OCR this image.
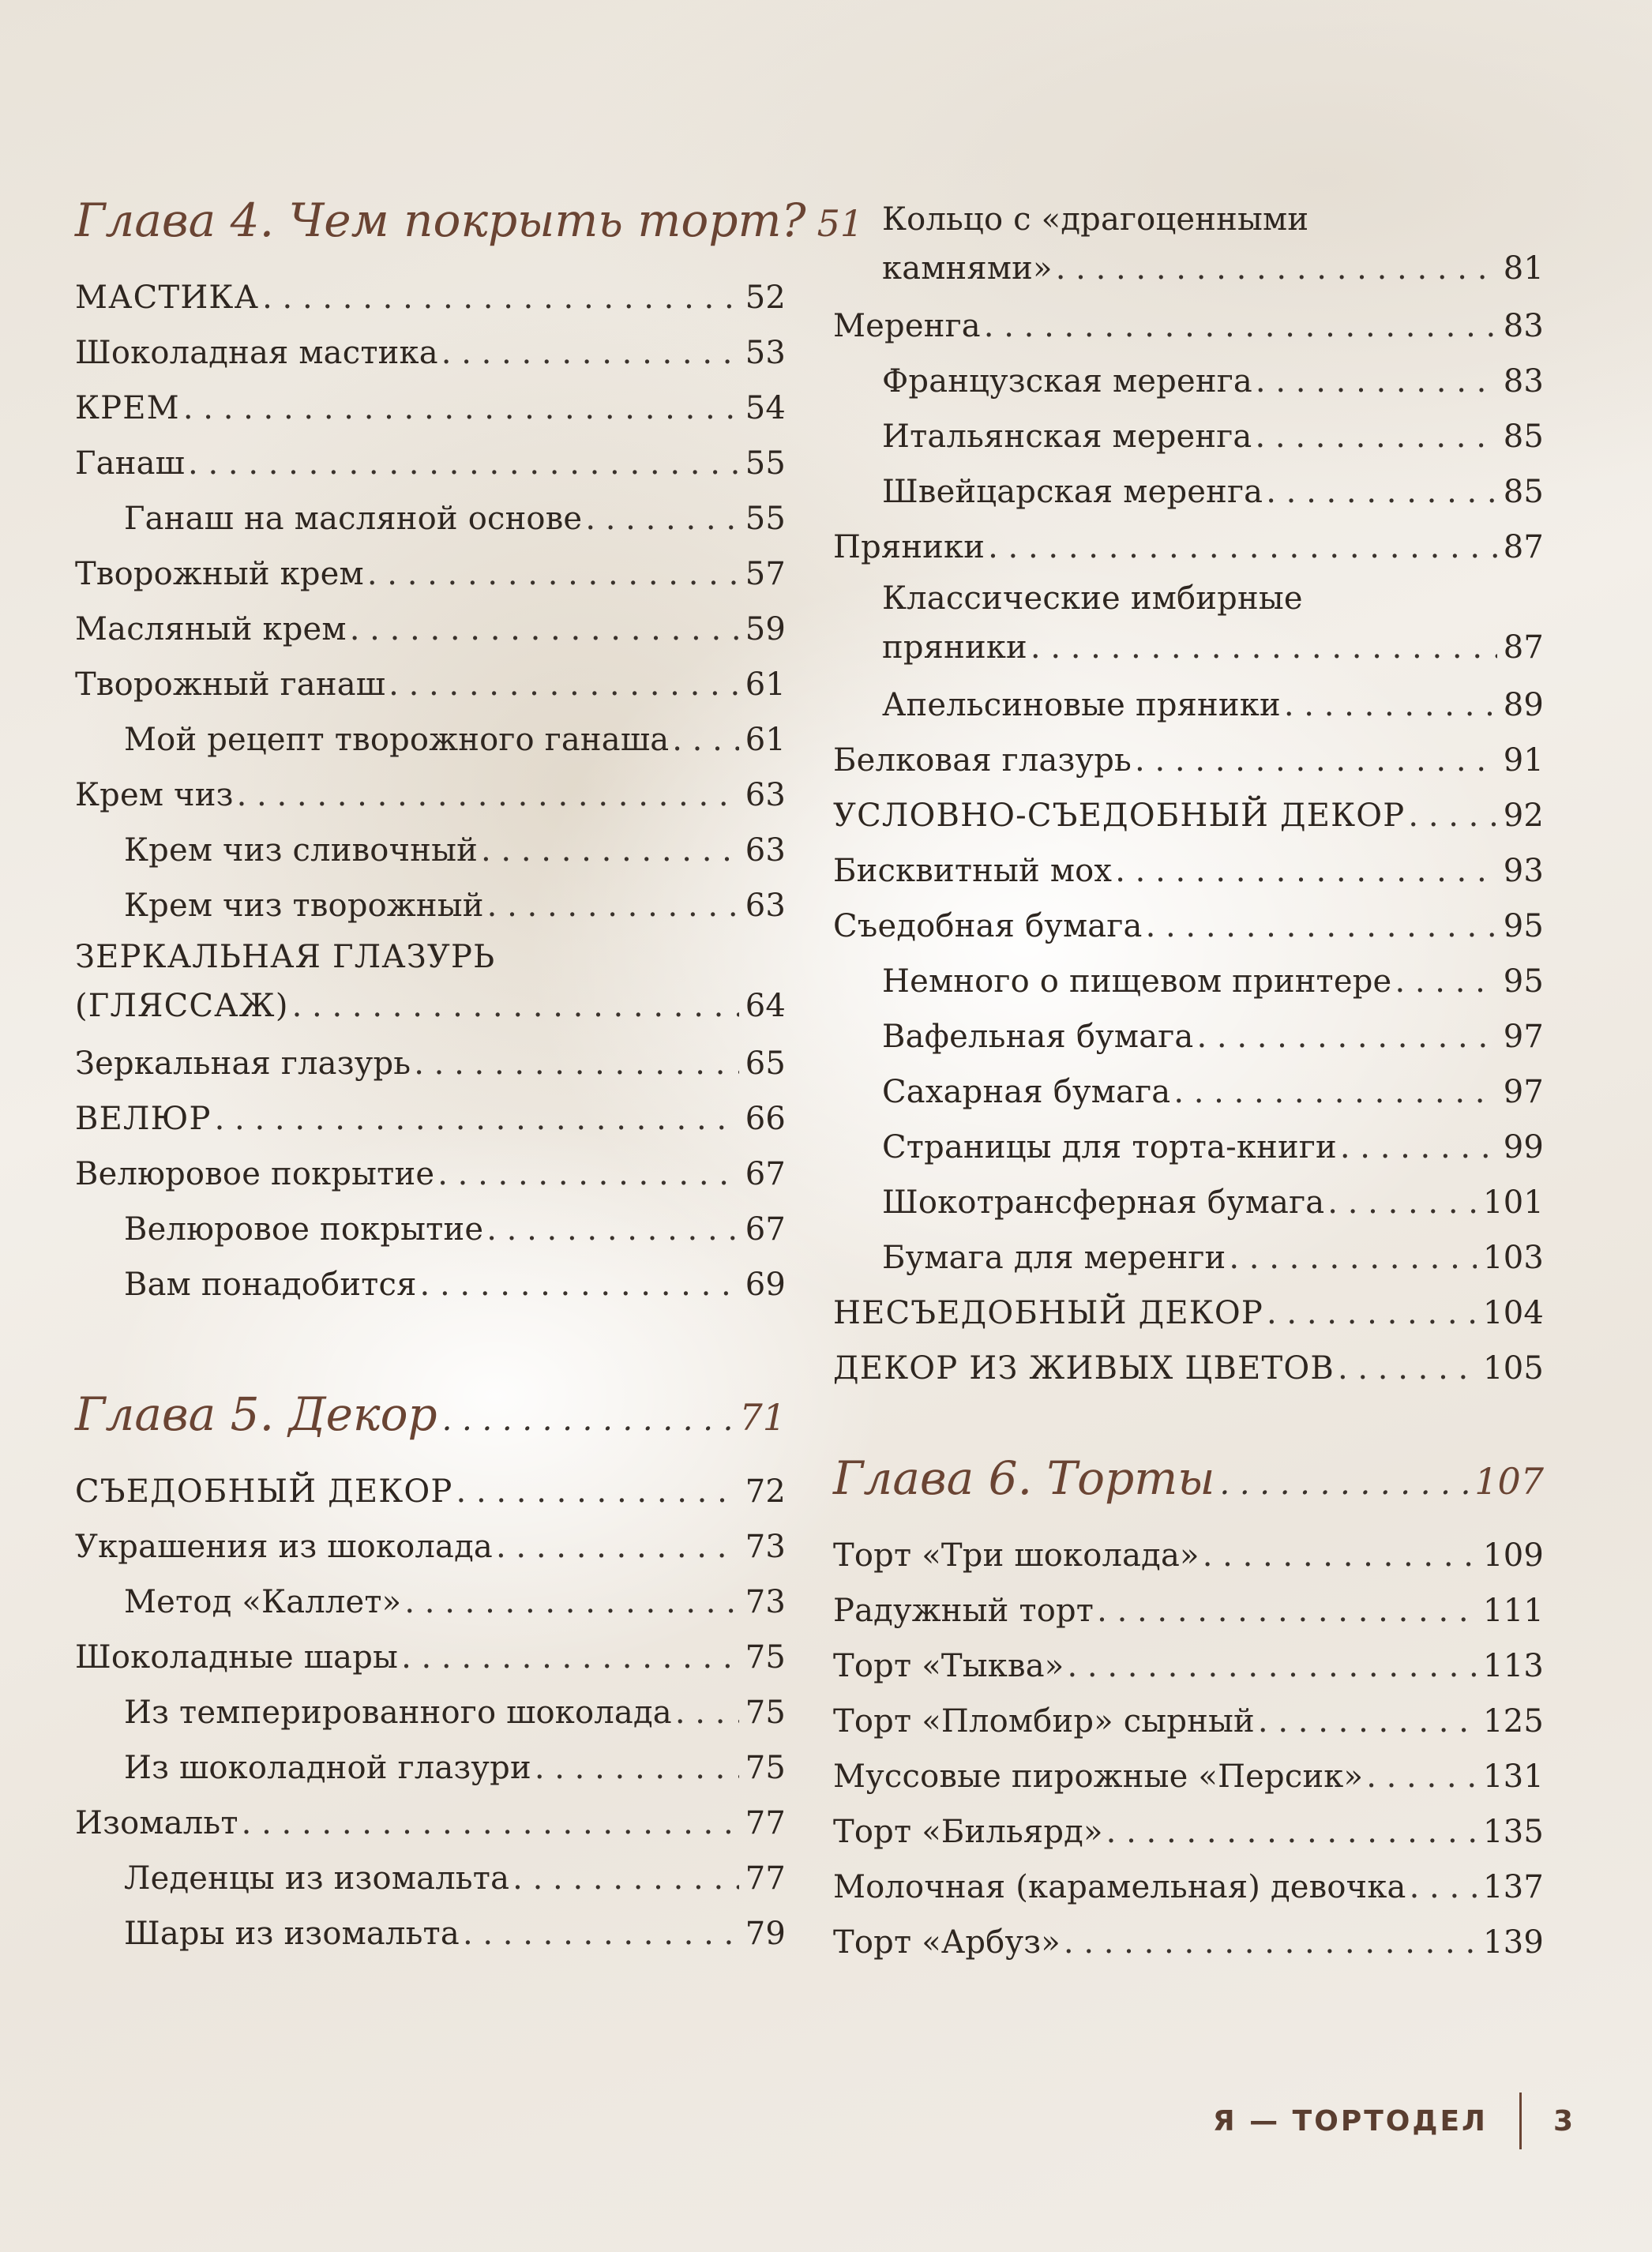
Глава 4. Чем покрыть торт? 51
МАСТИКА . . .	52
Шоколадная мастика . . .	53
КРЕМ . . .	54
Ганаш . . .	55
Ганаш на масляной основе . . .	55
Творожный крем . . .	57
Масляный крем . . .	59
Творожный ганаш . . .	61
Мой рецепт творожного ганаша . . . 61
Крем чиз . . .	63
Крем чиз сливочный . . .	63
Крем чиз творожный . . .	63
ЗЕРКАЛЬНАЯ ГЛАЗУРЬ
(ГЛЯССАЖ) . . .	64
Зеркальная глазурь . . .	65
ВЕЛЮР . . .	66
Велюровое покрытие . . .	67
Велюровое покрытие . . .	67
Вам понадобится . . .	69
Глава 5. Декор . . .	71
СЪЕДОБНЫЙ ДЕКОР . . .	72
Украшения из шоколада . . .	73
Метод «Каллет» . . .	73
Шоколадные шары . . .	75
Из темперированного шоколада . . . 75
Из шоколадной глазури . . .	75
Изомальт . . .	77
Леденцы из изомальта . . .	77
Шары из изомальта . . .	79
Кольцо с «драгоценными
камнями» . . .	81
Меренга . . .	83
Французская меренга . . .	83
Итальянская меренга . . .	85
Швейцарская меренга . . .	85
Пряники . . .	87
Классические имбирные
пряники . . .	87
Апельсиновые пряники . . .	89
Белковая глазурь . . .	91
УСЛОВНО-СЪЕДОБНЫЙ ДЕКОР . . .	92
Бисквитный мох . . .	93
Съедобная бумага . . .	95
Немного о пищевом принтере . . .	95
Вафельная бумага . . .	97
Сахарная бумага . . .	97
Страницы для торта-книги . . .	99
Шокотрансферная бумага . . .	101
Бумага для меренги . . .	103
НЕСЪЕДОБНЫЙ ДЕКОР . . .	104
ДЕКОР ИЗ ЖИВЫХ ЦВЕТОВ . . .	105
Глава 6. Торты . . .	107
Торт «Три шоколада» . . .	109
Радужный торт . . .	111
Торт «Тыква» . . .	113
Торт «Пломбир» сырный . . .	125
Муссовые пирожные «Персик» . . .	131
Торт «Бильярд» . . .	135
Молочная (карамельная) девочка . . . 137
Торт «Арбуз» . . .	139
Я — ТОРТОДЕЛ 3
